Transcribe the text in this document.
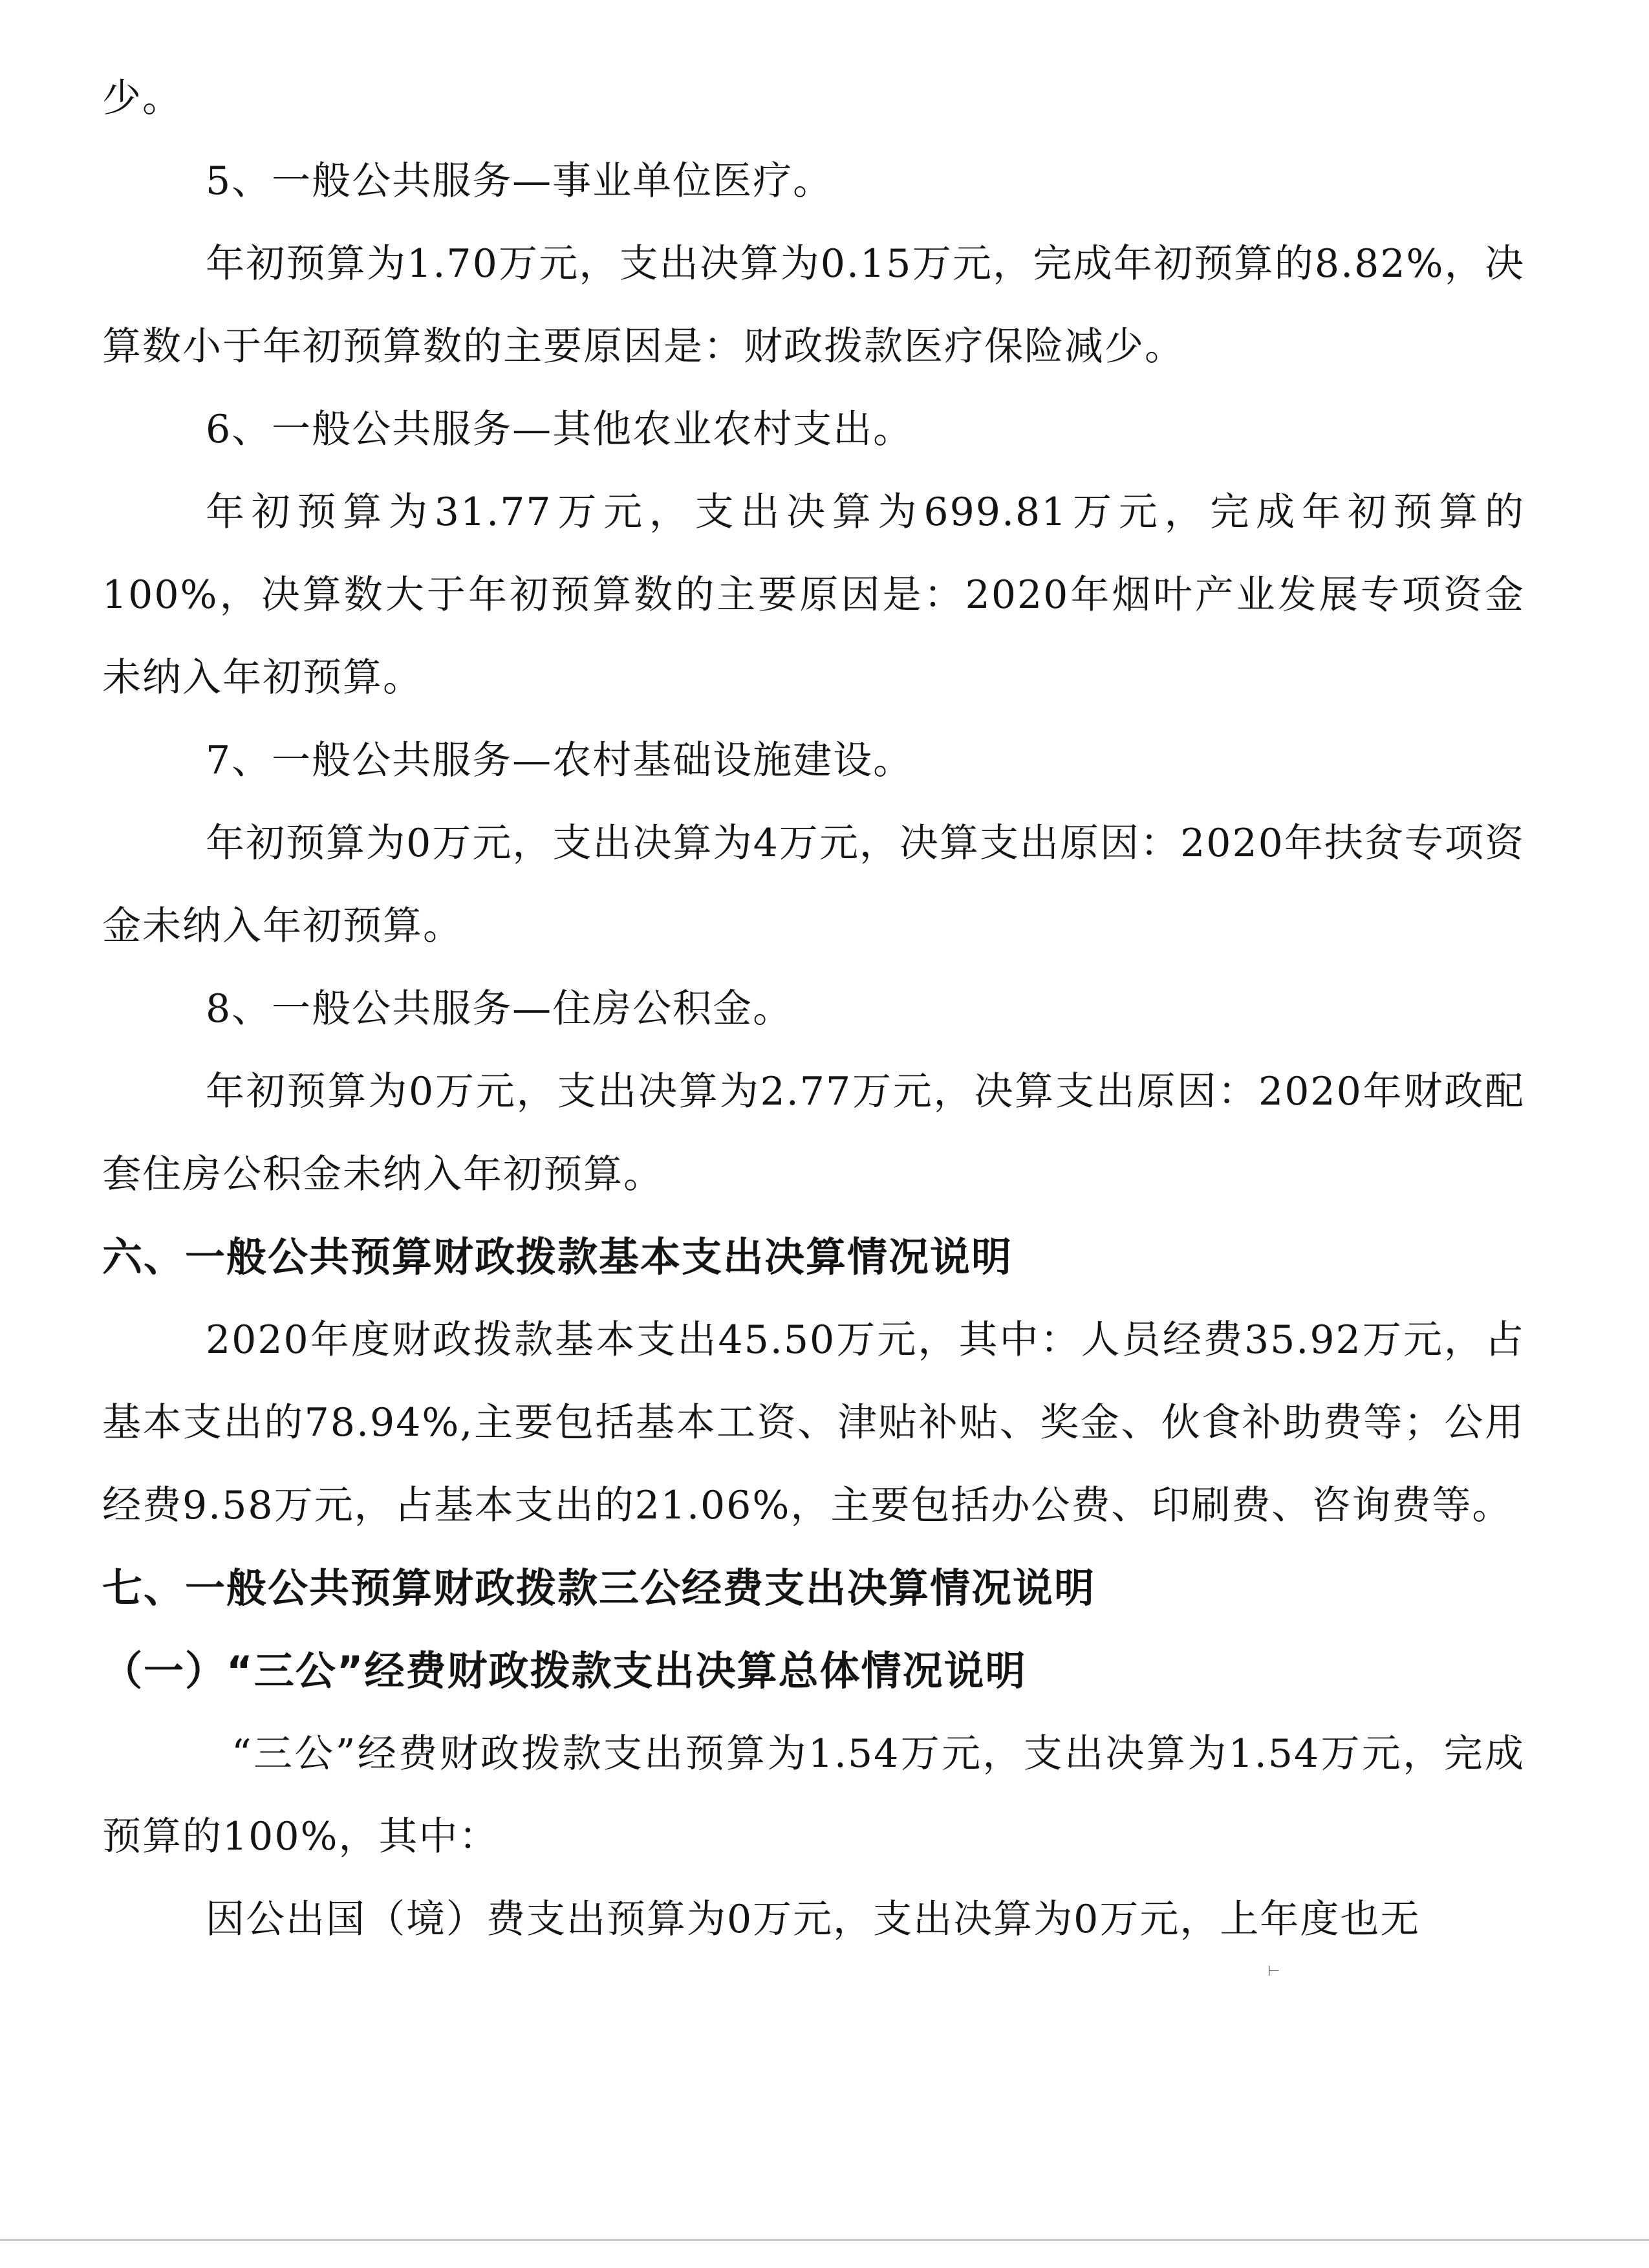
少。

5、一般公共服务—事业单位医疗。

年初预算为1.70万元，支出决算为0.15万元，完成年初预算的8.82%，决算数小于年初预算数的主要原因是：财政拨款医疗保险减少。

6、一般公共服务—其他农业农村支出。

年初预算为31.77万元，支出决算为699.81万元，完成年初预算的100%，决算数大于年初预算数的主要原因是：2020年烟叶产业发展专项资金未纳入年初预算。

7、一般公共服务—农村基础设施建设。

年初预算为0万元，支出决算为4万元，决算支出原因：2020年扶贫专项资金未纳入年初预算。

8、一般公共服务—住房公积金。

年初预算为0万元，支出决算为2.77万元，决算支出原因：2020年财政配套住房公积金未纳入年初预算。

六、一般公共预算财政拨款基本支出决算情况说明

2020年度财政拨款基本支出45.50万元，其中：人员经费35.92万元，占基本支出的78.94%,主要包括基本工资、津贴补贴、奖金、伙食补助费等；公用经费9.58万元，占基本支出的21.06%，主要包括办公费、印刷费、咨询费等。

七、一般公共预算财政拨款三公经费支出决算情况说明

（一）“三公”经费财政拨款支出决算总体情况说明

“三公”经费财政拨款支出预算为1.54万元，支出决算为1.54万元，完成预算的100%，其中：

因公出国（境）费支出预算为0万元，支出决算为0万元，上年度也无

⊢
